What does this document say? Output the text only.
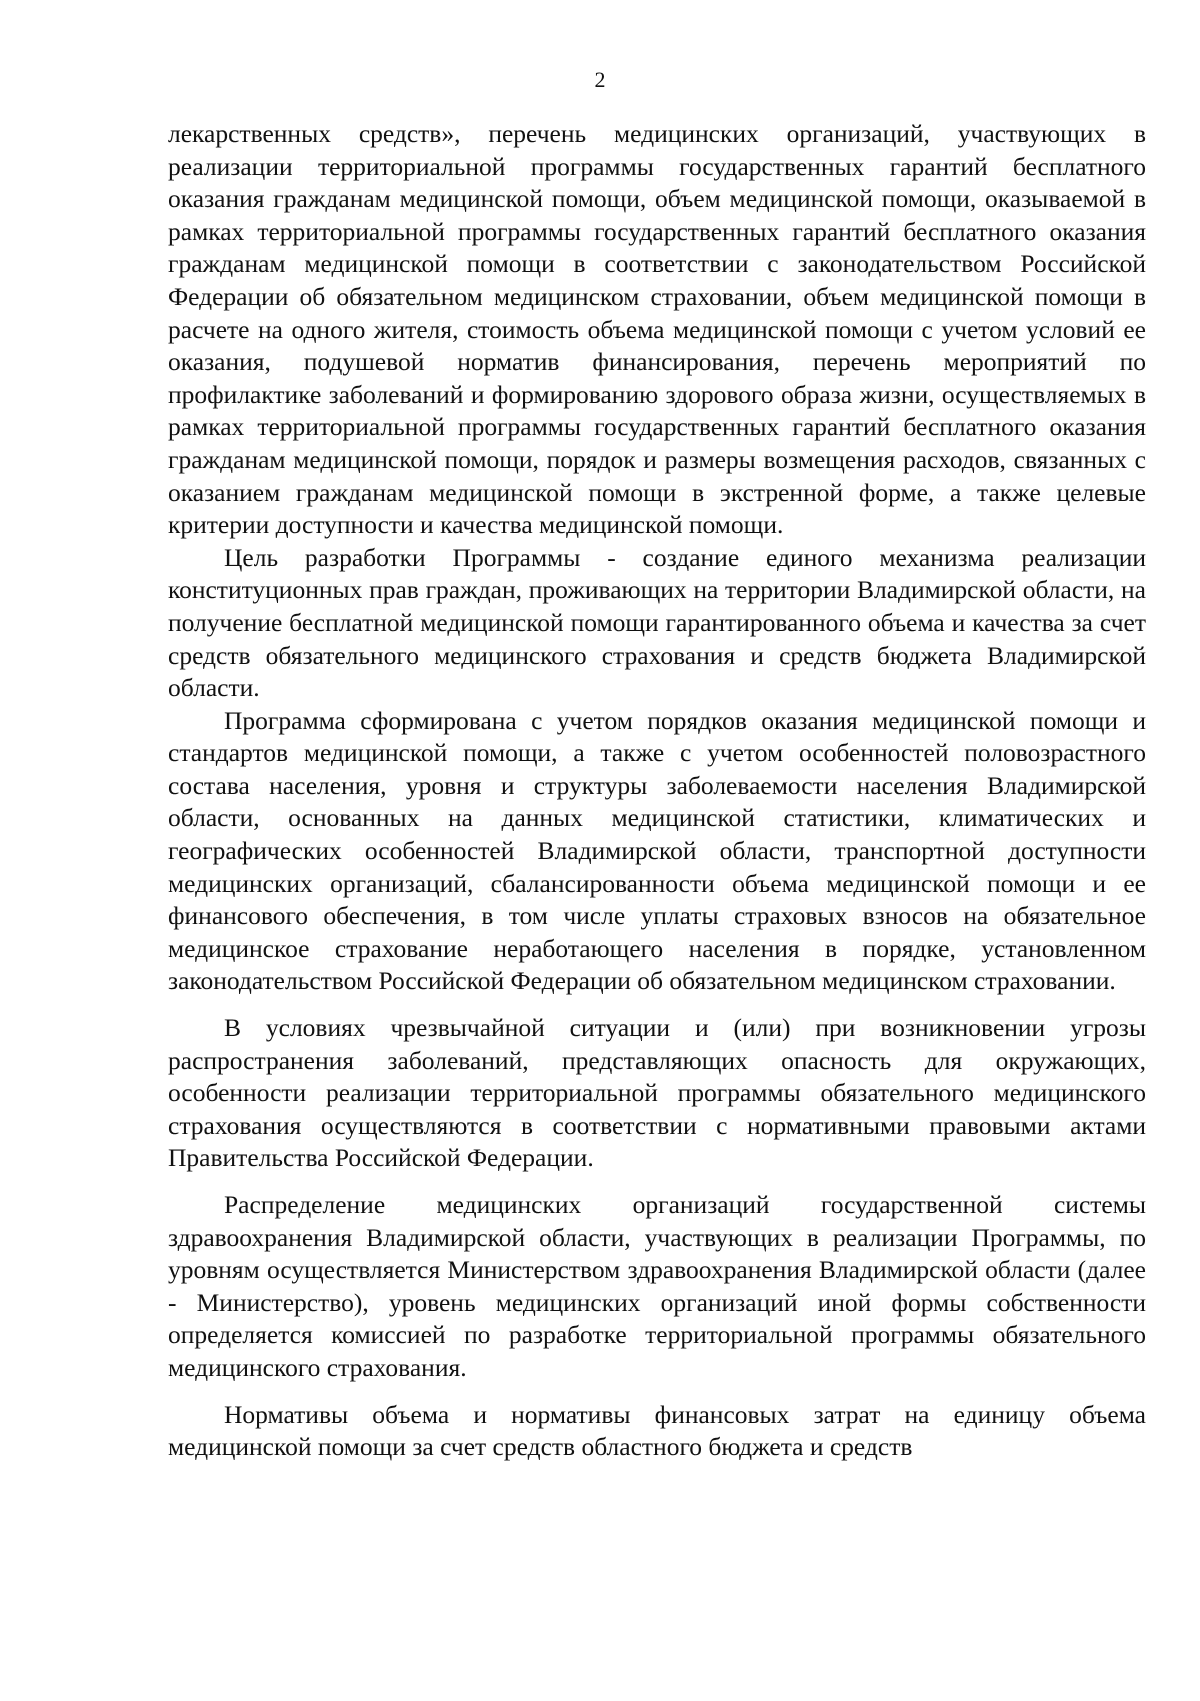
2

лекарственных средств», перечень медицинских организаций, участвующих в реализации территориальной программы государственных гарантий бесплатного оказания гражданам медицинской помощи, объем медицинской помощи, оказываемой в рамках территориальной программы государственных гарантий бесплатного оказания гражданам медицинской помощи в соответствии с законодательством Российской Федерации об обязательном медицинском страховании, объем медицинской помощи в расчете на одного жителя, стоимость объема медицинской помощи с учетом условий ее оказания, подушевой норматив финансирования, перечень мероприятий по профилактике заболеваний и формированию здорового образа жизни, осуществляемых в рамках территориальной программы государственных гарантий бесплатного оказания гражданам медицинской помощи, порядок и размеры возмещения расходов, связанных с оказанием гражданам медицинской помощи в экстренной форме, а также целевые критерии доступности и качества медицинской помощи.

Цель разработки Программы - создание единого механизма реализации конституционных прав граждан, проживающих на территории Владимирской области, на получение бесплатной медицинской помощи гарантированного объема и качества за счет средств обязательного медицинского страхования и средств бюджета Владимирской области.

Программа сформирована с учетом порядков оказания медицинской помощи и стандартов медицинской помощи, а также с учетом особенностей половозрастного состава населения, уровня и структуры заболеваемости населения Владимирской области, основанных на данных медицинской статистики, климатических и географических особенностей Владимирской области, транспортной доступности медицинских организаций, сбалансированности объема медицинской помощи и ее финансового обеспечения, в том числе уплаты страховых взносов на обязательное медицинское страхование неработающего населения в порядке, установленном законодательством Российской Федерации об обязательном медицинском страховании.

В условиях чрезвычайной ситуации и (или) при возникновении угрозы распространения заболеваний, представляющих опасность для окружающих, особенности реализации территориальной программы обязательного медицинского страхования осуществляются в соответствии с нормативными правовыми актами Правительства Российской Федерации.

Распределение медицинских организаций государственной системы здравоохранения Владимирской области, участвующих в реализации Программы, по уровням осуществляется Министерством здравоохранения Владимирской области (далее - Министерство), уровень медицинских организаций иной формы собственности определяется комиссией по разработке территориальной программы обязательного медицинского страхования.

Нормативы объема и нормативы финансовых затрат на единицу объема медицинской помощи за счет средств областного бюджета и средств
